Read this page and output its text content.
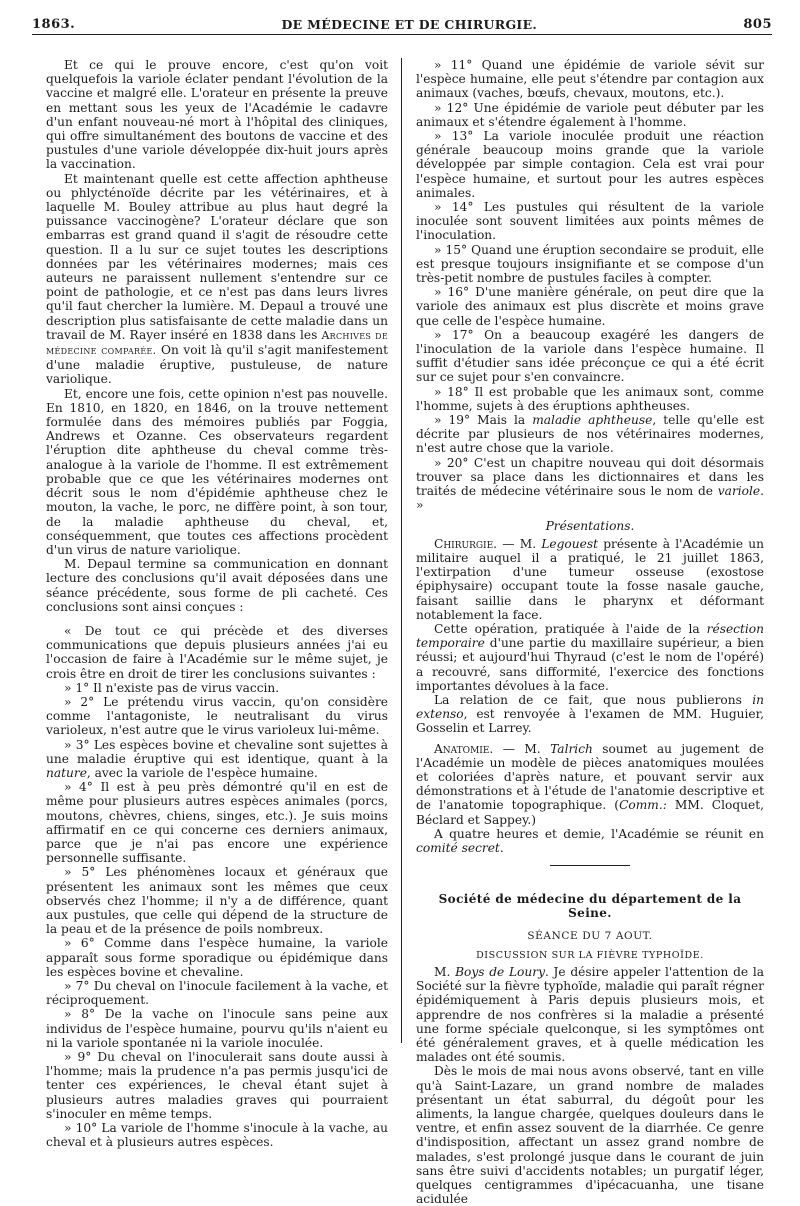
1863.	DE MÉDECINE ET DE CHIRURGIE.	805

Et ce qui le prouve encore, c'est qu'on voit quelquefois la variole éclater pendant l'évolution de la vaccine et malgré elle. L'orateur en présente la preuve en mettant sous les yeux de l'Académie le cadavre d'un enfant nouveau-né mort à l'hôpital des cliniques, qui offre simultanément des boutons de vaccine et des pustules d'une variole développée dix-huit jours après la vaccination.

Et maintenant quelle est cette affection aphtheuse ou phlycténoïde décrite par les vétérinaires, et à laquelle M. Bouley attribue au plus haut degré la puissance vaccinogène? L'orateur déclare que son embarras est grand quand il s'agit de résoudre cette question. Il a lu sur ce sujet toutes les descriptions données par les vétérinaires modernes; mais ces auteurs ne paraissent nullement s'entendre sur ce point de pathologie, et ce n'est pas dans leurs livres qu'il faut chercher la lumière. M. Depaul a trouvé une description plus satisfaisante de cette maladie dans un travail de M. Rayer inséré en 1838 dans les Archives de médecine comparée. On voit là qu'il s'agit manifestement d'une maladie éruptive, pustuleuse, de nature variolique.

Et, encore une fois, cette opinion n'est pas nouvelle. En 1810, en 1820, en 1846, on la trouve nettement formulée dans des mémoires publiés par Foggia, Andrews et Ozanne. Ces observateurs regardent l'éruption dite aphtheuse du cheval comme très-analogue à la variole de l'homme. Il est extrêmement probable que ce que les vétérinaires modernes ont décrit sous le nom d'épidémie aphtheuse chez le mouton, la vache, le porc, ne diffère point, à son tour, de la maladie aphtheuse du cheval, et, conséquemment, que toutes ces affections procèdent d'un virus de nature variolique.

M. Depaul termine sa communication en donnant lecture des conclusions qu'il avait déposées dans une séance précédente, sous forme de pli cacheté. Ces conclusions sont ainsi conçues :

« De tout ce qui précède et des diverses communications que depuis plusieurs années j'ai eu l'occasion de faire à l'Académie sur le même sujet, je crois être en droit de tirer les conclusions suivantes :

» 1° Il n'existe pas de virus vaccin.

» 2° Le prétendu virus vaccin, qu'on considère comme l'antagoniste, le neutralisant du virus varioleux, n'est autre que le virus varioleux lui-même.

» 3° Les espèces bovine et chevaline sont sujettes à une maladie éruptive qui est identique, quant à la nature, avec la variole de l'espèce humaine.

» 4° Il est à peu près démontré qu'il en est de même pour plusieurs autres espèces animales (porcs, moutons, chèvres, chiens, singes, etc.). Je suis moins affirmatif en ce qui concerne ces derniers animaux, parce que je n'ai pas encore une expérience personnelle suffisante.

» 5° Les phénomènes locaux et généraux que présentent les animaux sont les mêmes que ceux observés chez l'homme; il n'y a de différence, quant aux pustules, que celle qui dépend de la structure de la peau et de la présence de poils nombreux.

» 6° Comme dans l'espèce humaine, la variole apparaît sous forme sporadique ou épidémique dans les espèces bovine et chevaline.

» 7° Du cheval on l'inocule facilement à la vache, et réciproquement.

» 8° De la vache on l'inocule sans peine aux individus de l'espèce humaine, pourvu qu'ils n'aient eu ni la variole spontanée ni la variole inoculée.

» 9° Du cheval on l'inoculerait sans doute aussi à l'homme; mais la prudence n'a pas permis jusqu'ici de tenter ces expériences, le cheval étant sujet à plusieurs autres maladies graves qui pourraient s'inoculer en même temps.

» 10° La variole de l'homme s'inocule à la vache, au cheval et à plusieurs autres espèces.

» 11° Quand une épidémie de variole sévit sur l'espèce humaine, elle peut s'étendre par contagion aux animaux (vaches, bœufs, chevaux, moutons, etc.).

» 12° Une épidémie de variole peut débuter par les animaux et s'étendre également à l'homme.

» 13° La variole inoculée produit une réaction générale beaucoup moins grande que la variole développée par simple contagion. Cela est vrai pour l'espèce humaine, et surtout pour les autres espèces animales.

» 14° Les pustules qui résultent de la variole inoculée sont souvent limitées aux points mêmes de l'inoculation.

» 15° Quand une éruption secondaire se produit, elle est presque toujours insignifiante et se compose d'un très-petit nombre de pustules faciles à compter.

» 16° D'une manière générale, on peut dire que la variole des animaux est plus discrète et moins grave que celle de l'espèce humaine.

» 17° On a beaucoup exagéré les dangers de l'inoculation de la variole dans l'espèce humaine. Il suffit d'étudier sans idée préconçue ce qui a été écrit sur ce sujet pour s'en convaincre.

» 18° Il est probable que les animaux sont, comme l'homme, sujets à des éruptions aphtheuses.

» 19° Mais la maladie aphtheuse, telle qu'elle est décrite par plusieurs de nos vétérinaires modernes, n'est autre chose que la variole.

» 20° C'est un chapitre nouveau qui doit désormais trouver sa place dans les dictionnaires et dans les traités de médecine vétérinaire sous le nom de variole. »

Présentations.

Chirurgie. — M. Legouest présente à l'Académie un militaire auquel il a pratiqué, le 21 juillet 1863, l'extirpation d'une tumeur osseuse (exostose épiphysaire) occupant toute la fosse nasale gauche, faisant saillie dans le pharynx et déformant notablement la face.

Cette opération, pratiquée à l'aide de la résection temporaire d'une partie du maxillaire supérieur, a bien réussi; et aujourd'hui Thyraud (c'est le nom de l'opéré) a recouvré, sans difformité, l'exercice des fonctions importantes dévolues à la face.

La relation de ce fait, que nous publierons in extenso, est renvoyée à l'examen de MM. Huguier, Gosselin et Larrey.

Anatomie. — M. Talrich soumet au jugement de l'Académie un modèle de pièces anatomiques moulées et coloriées d'après nature, et pouvant servir aux démonstrations et à l'étude de l'anatomie descriptive et de l'anatomie topographique. (Comm.: MM. Cloquet, Béclard et Sappey.)

A quatre heures et demie, l'Académie se réunit en comité secret.

Société de médecine du département de la Seine.

SÉANCE DU 7 AOUT.

DISCUSSION SUR LA FIÈVRE TYPHOÏDE.

M. Boys de Loury. Je désire appeler l'attention de la Société sur la fièvre typhoïde, maladie qui paraît régner épidémiquement à Paris depuis plusieurs mois, et apprendre de nos confrères si la maladie a présenté une forme spéciale quelconque, si les symptômes ont été généralement graves, et à quelle médication les malades ont été soumis.

Dès le mois de mai nous avons observé, tant en ville qu'à Saint-Lazare, un grand nombre de malades présentant un état saburral, du dégoût pour les aliments, la langue chargée, quelques douleurs dans le ventre, et enfin assez souvent de la diarrhée. Ce genre d'indisposition, affectant un assez grand nombre de malades, s'est prolongé jusque dans le courant de juin sans être suivi d'accidents notables; un purgatif léger, quelques centigrammes d'ipécacuanha, une tisane acidulée
